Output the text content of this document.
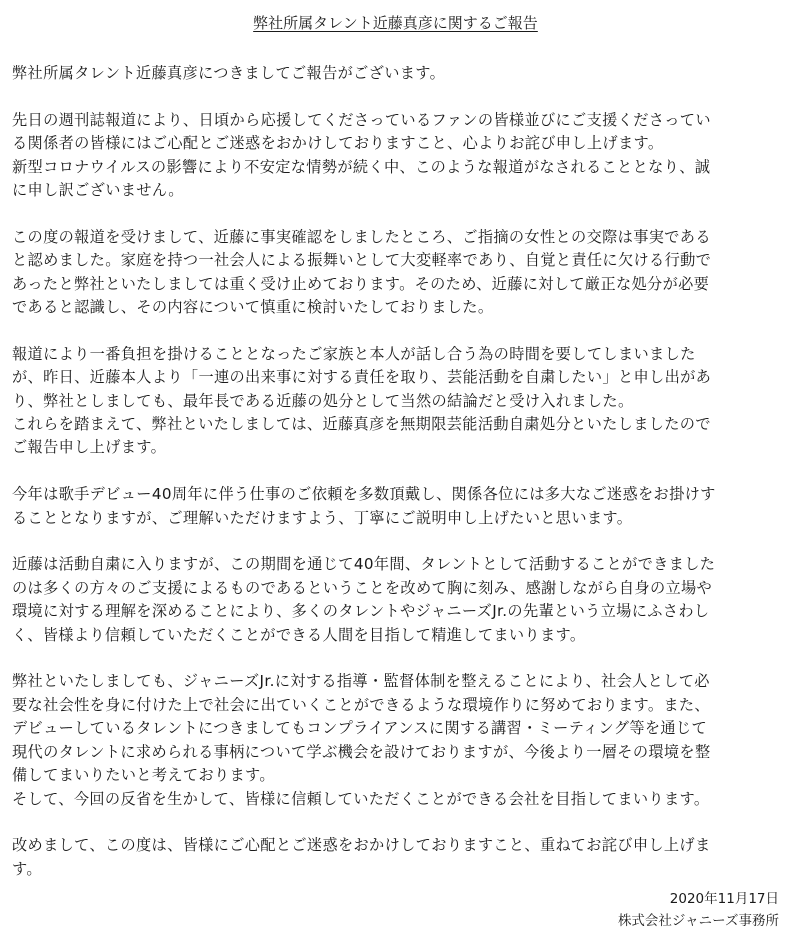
弊社所属タレント近藤真彦に関するご報告

弊社所属タレント近藤真彦につきましてご報告がございます。

先日の週刊誌報道により、日頃から応援してくださっているファンの皆様並びにご支援くださってい
る関係者の皆様にはご心配とご迷惑をおかけしておりますこと、心よりお詫び申し上げます。
新型コロナウイルスの影響により不安定な情勢が続く中、このような報道がなされることとなり、誠
に申し訳ございません。

この度の報道を受けまして、近藤に事実確認をしましたところ、ご指摘の女性との交際は事実である
と認めました。家庭を持つ一社会人による振舞いとして大変軽率であり、自覚と責任に欠ける行動で
あったと弊社といたしましては重く受け止めております。そのため、近藤に対して厳正な処分が必要
であると認識し、その内容について慎重に検討いたしておりました。

報道により一番負担を掛けることとなったご家族と本人が話し合う為の時間を要してしまいました
が、昨日、近藤本人より「一連の出来事に対する責任を取り、芸能活動を自粛したい」と申し出があ
り、弊社としましても、最年長である近藤の処分として当然の結論だと受け入れました。
これらを踏まえて、弊社といたしましては、近藤真彦を無期限芸能活動自粛処分といたしましたので
ご報告申し上げます。

今年は歌手デビュー40周年に伴う仕事のご依頼を多数頂戴し、関係各位には多大なご迷惑をお掛けす
ることとなりますが、ご理解いただけますよう、丁寧にご説明申し上げたいと思います。

近藤は活動自粛に入りますが、この期間を通じて40年間、タレントとして活動することができました
のは多くの方々のご支援によるものであるということを改めて胸に刻み、感謝しながら自身の立場や
環境に対する理解を深めることにより、多くのタレントやジャニーズJr.の先輩という立場にふさわし
く、皆様より信頼していただくことができる人間を目指して精進してまいります。

弊社といたしましても、ジャニーズJr.に対する指導・監督体制を整えることにより、社会人として必
要な社会性を身に付けた上で社会に出ていくことができるような環境作りに努めております。また、
デビューしているタレントにつきましてもコンプライアンスに関する講習・ミーティング等を通じて
現代のタレントに求められる事柄について学ぶ機会を設けておりますが、今後より一層その環境を整
備してまいりたいと考えております。
そして、今回の反省を生かして、皆様に信頼していただくことができる会社を目指してまいります。

改めまして、この度は、皆様にご心配とご迷惑をおかけしておりますこと、重ねてお詫び申し上げま
す。

2020年11月17日
株式会社ジャニーズ事務所
